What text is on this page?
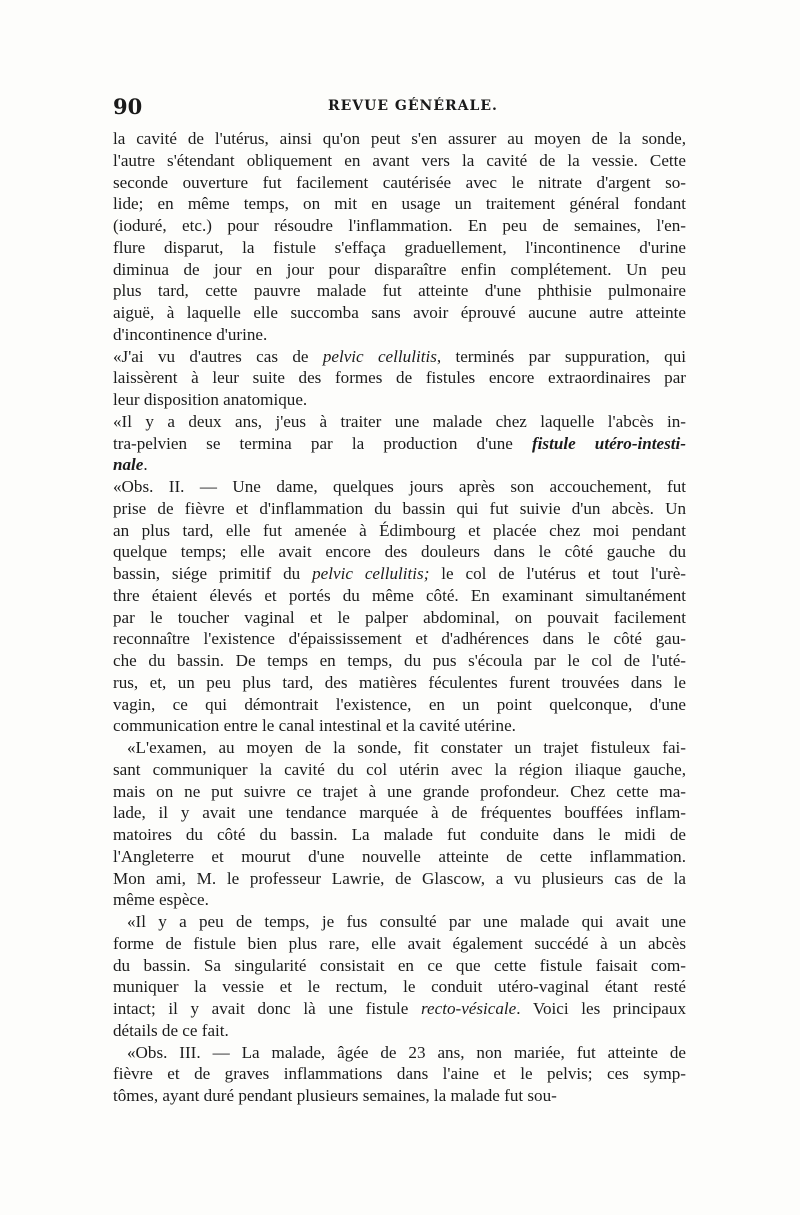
90	REVUE GÉNÉRALE.

la cavité de l'utérus, ainsi qu'on peut s'en assurer au moyen de la sonde,

l'autre s'étendant obliquement en avant vers la cavité de la vessie. Cette

seconde ouverture fut facilement cautérisée avec le nitrate d'argent so-

lide; en même temps, on mit en usage un traitement général fondant

(ioduré, etc.) pour résoudre l'inflammation. En peu de semaines, l'en-

flure disparut, la fistule s'effaça graduellement, l'incontinence d'urine

diminua de jour en jour pour disparaître enfin complétement. Un peu

plus tard, cette pauvre malade fut atteinte d'une phthisie pulmonaire

aiguë, à laquelle elle succomba sans avoir éprouvé aucune autre atteinte

d'incontinence d'urine.

«J'ai vu d'autres cas de pelvic cellulitis, terminés par suppuration, qui

laissèrent à leur suite des formes de fistules encore extraordinaires par

leur disposition anatomique.

«Il y a deux ans, j'eus à traiter une malade chez laquelle l'abcès in-

tra-pelvien se termina par la production d'une fistule utéro-intesti-

nale.

«Obs. II. — Une dame, quelques jours après son accouchement, fut

prise de fièvre et d'inflammation du bassin qui fut suivie d'un abcès. Un

an plus tard, elle fut amenée à Édimbourg et placée chez moi pendant

quelque temps; elle avait encore des douleurs dans le côté gauche du

bassin, siége primitif du pelvic cellulitis; le col de l'utérus et tout l'urè-

thre étaient élevés et portés du même côté. En examinant simultanément

par le toucher vaginal et le palper abdominal, on pouvait facilement

reconnaître l'existence d'épaississement et d'adhérences dans le côté gau-

che du bassin. De temps en temps, du pus s'écoula par le col de l'uté-

rus, et, un peu plus tard, des matières féculentes furent trouvées dans le

vagin, ce qui démontrait l'existence, en un point quelconque, d'une

communication entre le canal intestinal et la cavité utérine.

«L'examen, au moyen de la sonde, fit constater un trajet fistuleux fai-

sant communiquer la cavité du col utérin avec la région iliaque gauche,

mais on ne put suivre ce trajet à une grande profondeur. Chez cette ma-

lade, il y avait une tendance marquée à de fréquentes bouffées inflam-

matoires du côté du bassin. La malade fut conduite dans le midi de

l'Angleterre et mourut d'une nouvelle atteinte de cette inflammation.

Mon ami, M. le professeur Lawrie, de Glascow, a vu plusieurs cas de la

même espèce.

«Il y a peu de temps, je fus consulté par une malade qui avait une

forme de fistule bien plus rare, elle avait également succédé à un abcès

du bassin. Sa singularité consistait en ce que cette fistule faisait com-

muniquer la vessie et le rectum, le conduit utéro-vaginal étant resté

intact; il y avait donc là une fistule recto-vésicale. Voici les principaux

détails de ce fait.

«Obs. III. — La malade, âgée de 23 ans, non mariée, fut atteinte de

fièvre et de graves inflammations dans l'aine et le pelvis; ces symp-

tômes, ayant duré pendant plusieurs semaines, la malade fut sou-
